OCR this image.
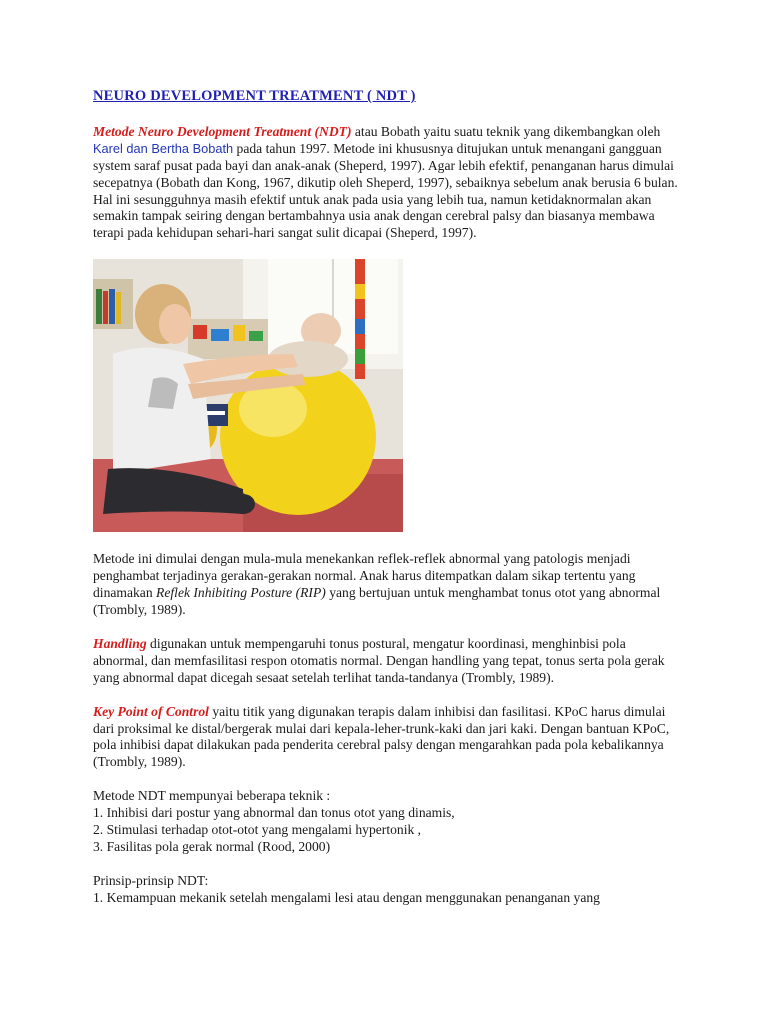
NEURO DEVELOPMENT TREATMENT ( NDT )

Metode Neuro Development Treatment (NDT) atau Bobath yaitu suatu teknik yang dikembangkan oleh Karel dan Bertha Bobath pada tahun 1997. Metode ini khususnya ditujukan untuk menangani gangguan system saraf pusat pada bayi dan anak-anak (Sheperd, 1997). Agar lebih efektif, penanganan harus dimulai secepatnya (Bobath dan Kong, 1967, dikutip oleh Sheperd, 1997), sebaiknya sebelum anak berusia 6 bulan. Hal ini sesungguhnya masih efektif untuk anak pada usia yang lebih tua, namun ketidaknormalan akan semakin tampak seiring dengan bertambahnya usia anak dengan cerebral palsy dan biasanya membawa terapi pada kehidupan sehari-hari sangat sulit dicapai (Sheperd, 1997).

Metode ini dimulai dengan mula-mula menekankan reflek-reflek abnormal yang patologis menjadi penghambat terjadinya gerakan-gerakan normal. Anak harus ditempatkan dalam sikap tertentu yang dinamakan Reflek Inhibiting Posture (RIP) yang bertujuan untuk menghambat tonus otot yang abnormal (Trombly, 1989).

Handling digunakan untuk mempengaruhi tonus postural, mengatur koordinasi, menghinbisi pola abnormal, dan memfasilitasi respon otomatis normal. Dengan handling yang tepat, tonus serta pola gerak yang abnormal dapat dicegah sesaat setelah terlihat tanda-tandanya (Trombly, 1989).

Key Point of Control yaitu titik yang digunakan terapis dalam inhibisi dan fasilitasi. KPoC harus dimulai dari proksimal ke distal/bergerak mulai dari kepala-leher-trunk-kaki dan jari kaki. Dengan bantuan KPoC, pola inhibisi dapat dilakukan pada penderita cerebral palsy dengan mengarahkan pada pola kebalikannya (Trombly, 1989).

Metode NDT mempunyai beberapa teknik :
1. Inhibisi dari postur yang abnormal dan tonus otot yang dinamis,
2. Stimulasi terhadap otot-otot yang mengalami hypertonik ,
3. Fasilitas pola gerak normal (Rood, 2000)
Prinsip-prinsip NDT:
1. Kemampuan mekanik setelah mengalami lesi atau dengan menggunakan penanganan yang
